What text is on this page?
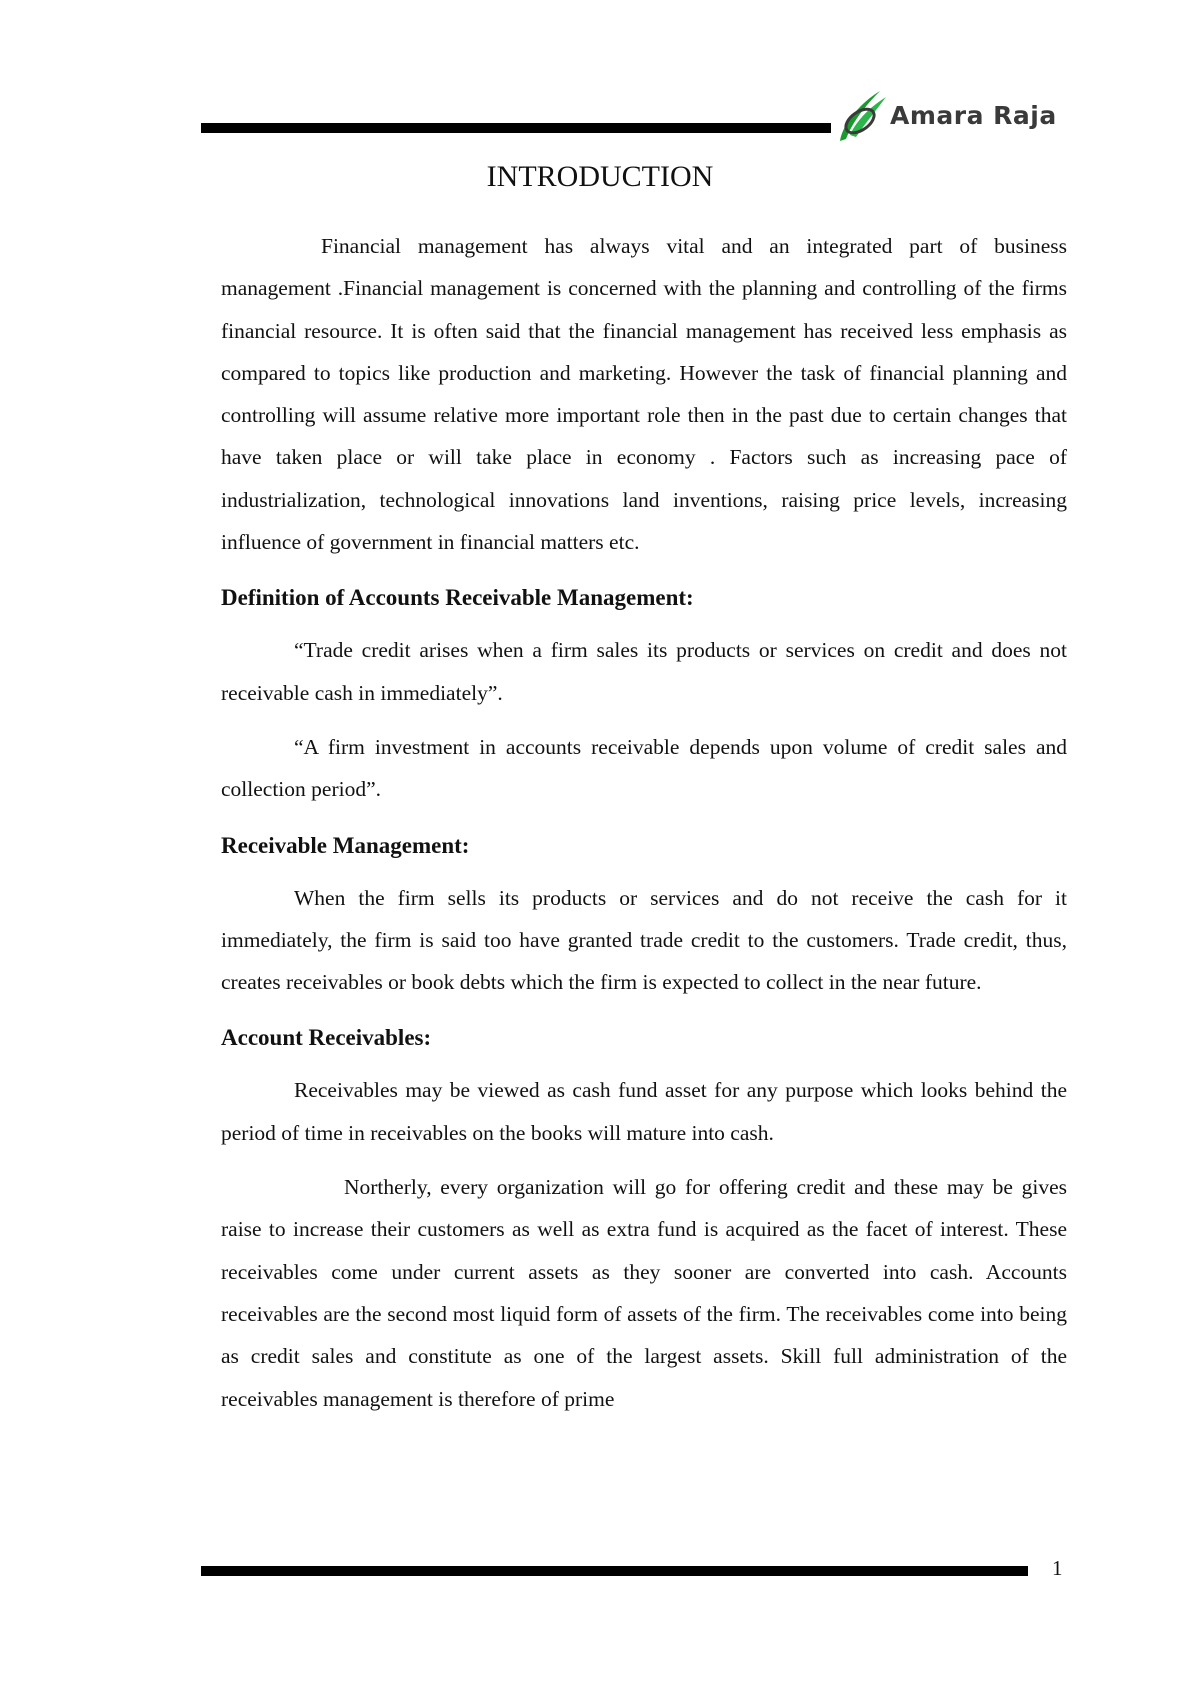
Amara Raja
INTRODUCTION

Financial management has always vital and an integrated part of business management .Financial management is concerned with the planning and controlling of the firms financial resource. It is often said that the financial management has received less emphasis as compared to topics like production and marketing. However the task of financial planning and controlling will assume relative more important role then in the past due to certain changes that have taken place or will take place in economy . Factors such as increasing pace of industrialization, technological innovations land inventions, raising price levels, increasing influence of government in financial matters etc.

Definition of Accounts Receivable Management:

“Trade credit arises when a firm sales its products or services on credit and does not receivable cash in immediately”.

“A firm investment in accounts receivable depends upon volume of credit sales and collection period”.

Receivable Management:

When the firm sells its products or services and do not receive the cash for it immediately, the firm is said too have granted trade credit to the customers. Trade credit, thus, creates receivables or book debts which the firm is expected to collect in the near future.

Account Receivables:

Receivables may be viewed as cash fund asset for any purpose which looks behind the period of time in receivables on the books will mature into cash.

Northerly, every organization will go for offering credit and these may be gives raise to increase their customers as well as extra fund is acquired as the facet of interest. These receivables come under current assets as they sooner are converted into cash. Accounts receivables are the second most liquid form of assets of the firm. The receivables come into being as credit sales and constitute as one of the largest assets. Skill full administration of the receivables management is therefore of prime

1
